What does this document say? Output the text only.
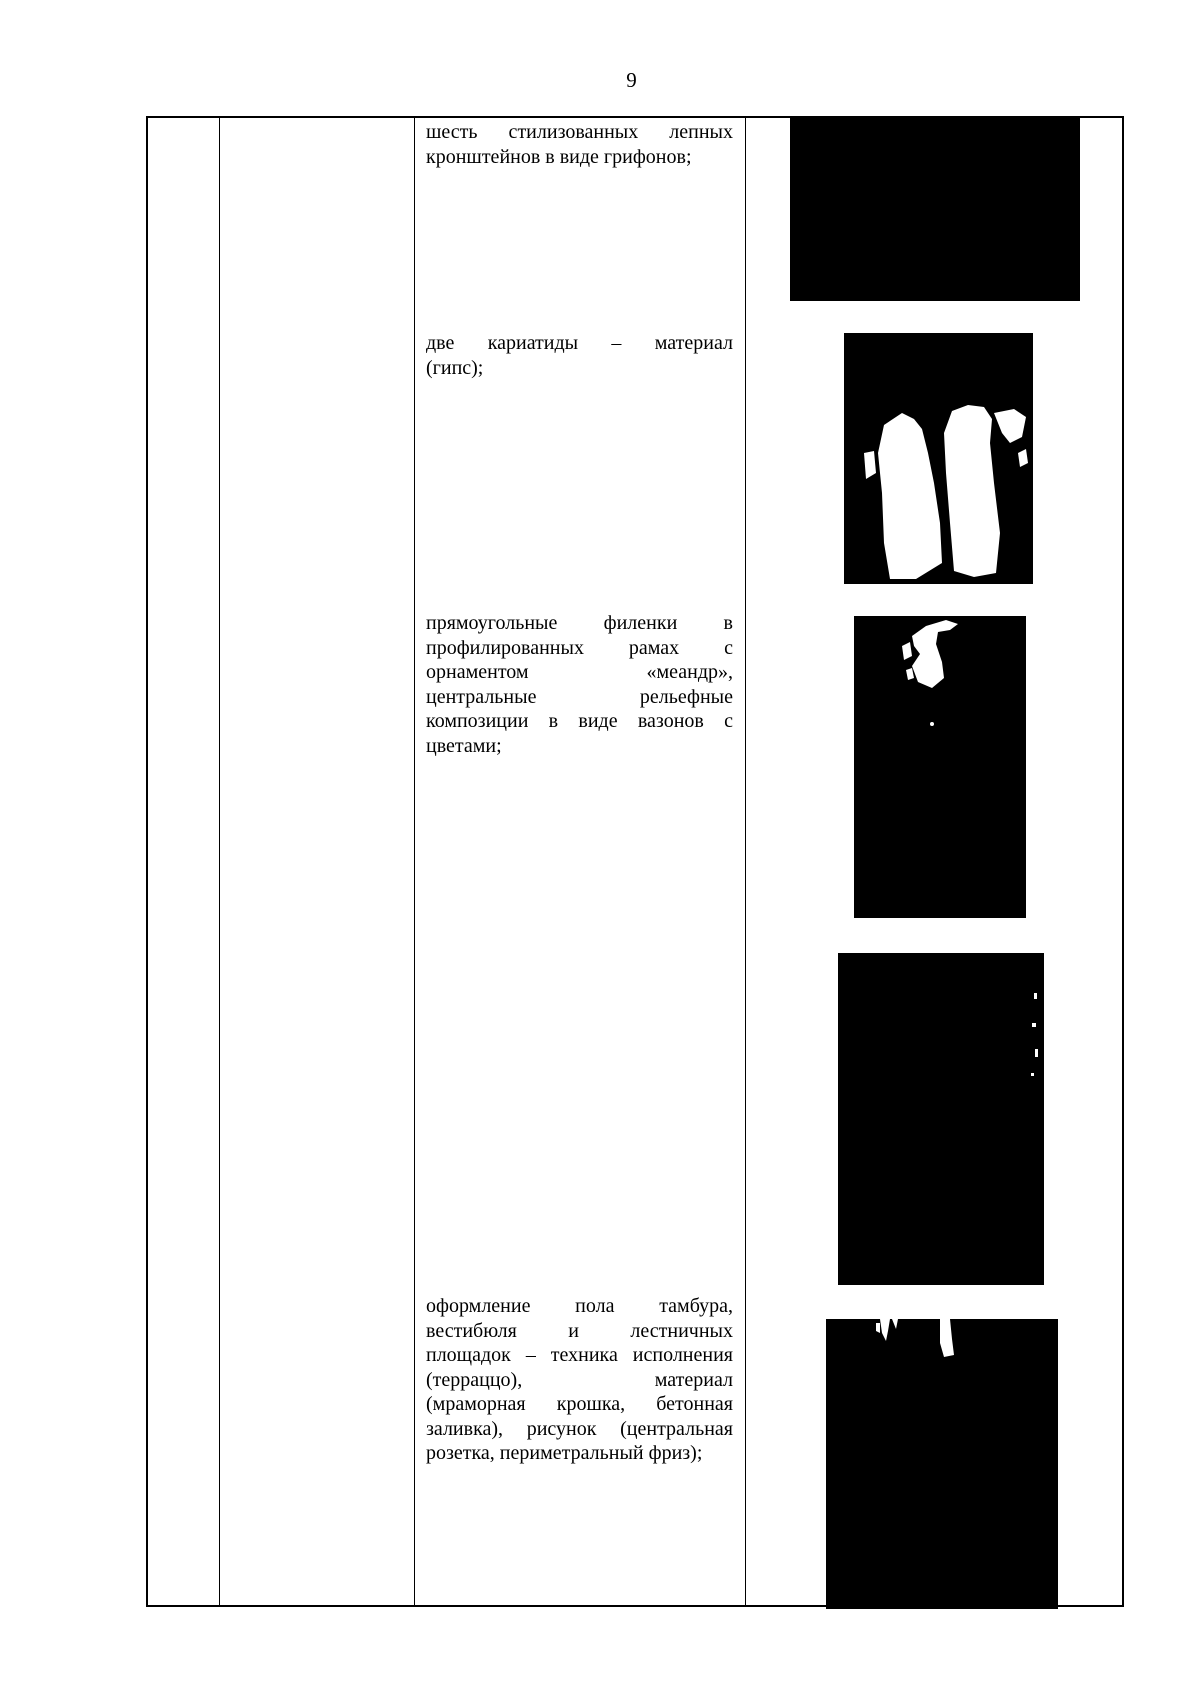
9
шесть стилизованных лепных
кронштейнов в виде грифонов;
две кариатиды – материал
(гипс);
прямоугольные филенки в
профилированных рамах с
орнаментом «меандр»,
центральные рельефные
композиции в виде вазонов с
цветами;
оформление пола тамбура,
вестибюля и лестничных
площадок – техника исполнения
(терраццо), материал
(мраморная крошка, бетонная
заливка), рисунок (центральная
розетка, периметральный фриз);
